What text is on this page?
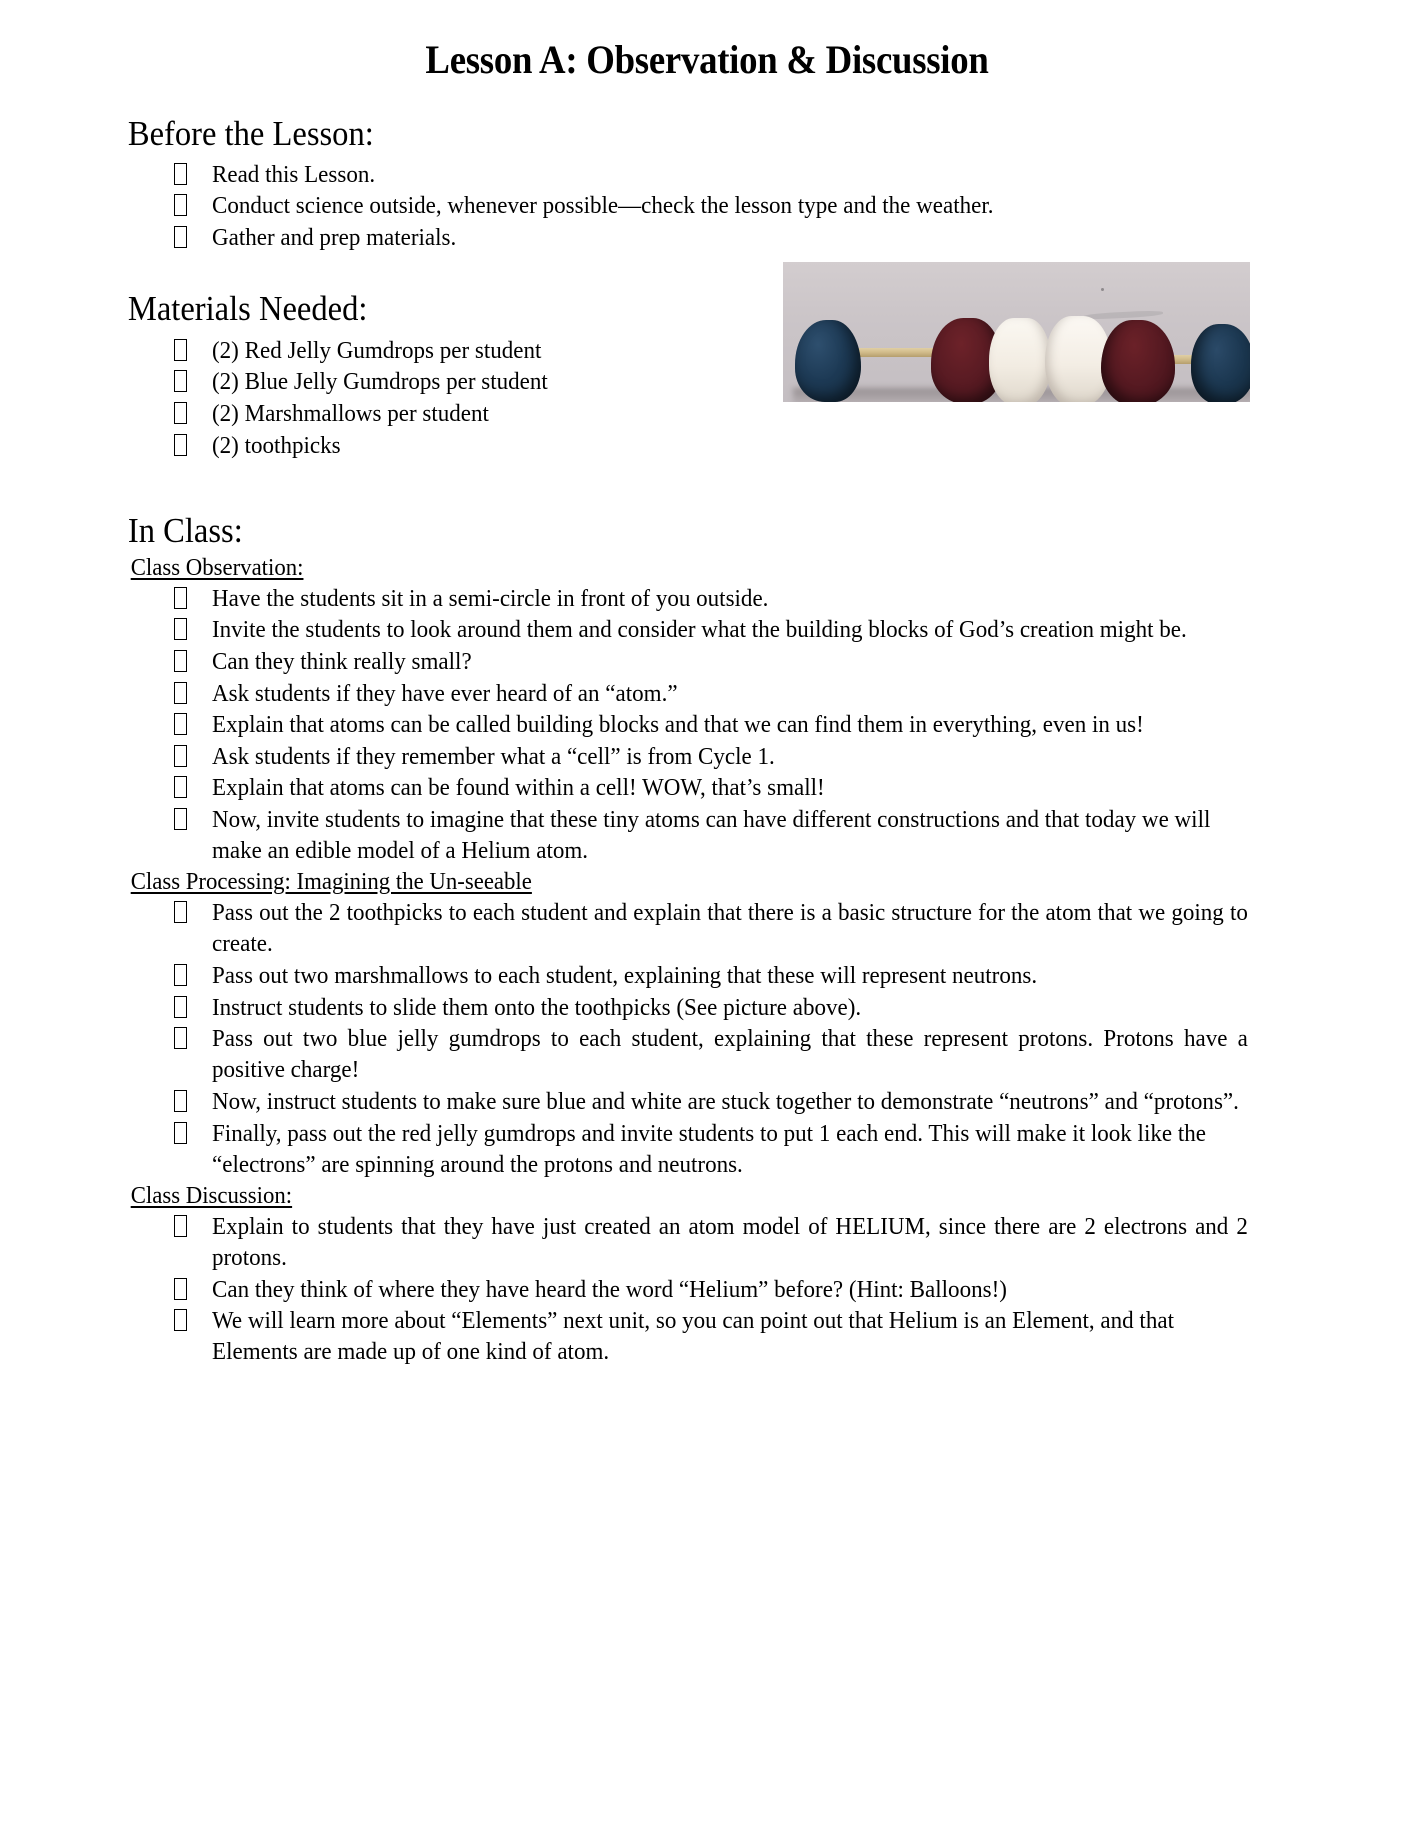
Lesson A: Observation & Discussion
Before the Lesson:
Read this Lesson.
Conduct science outside, whenever possible—check the lesson type and the weather.
Gather and prep materials.
Materials Needed:
(2) Red Jelly Gumdrops per student
(2) Blue Jelly Gumdrops per student
(2) Marshmallows per student
(2) toothpicks
In Class:
Class Observation:
Have the students sit in a semi-circle in front of you outside.
Invite the students to look around them and consider what the building blocks of God’s creation might be.
Can they think really small?
Ask students if they have ever heard of an “atom.”
Explain that atoms can be called building blocks and that we can find them in everything, even in us!
Ask students if they remember what a “cell” is from Cycle 1.
Explain that atoms can be found within a cell! WOW, that’s small!
Now, invite students to imagine that these tiny atoms can have different constructions and that today we will make an edible model of a Helium atom.
Class Processing: Imagining the Un-seeable
Pass out the 2 toothpicks to each student and explain that there is a basic structure for the atom that we going to create.
Pass out two marshmallows to each student, explaining that these will represent neutrons.
Instruct students to slide them onto the toothpicks (See picture above).
Pass out two blue jelly gumdrops to each student, explaining that these represent protons. Protons have a positive charge!
Now, instruct students to make sure blue and white are stuck together to demonstrate “neutrons” and “protons”.
Finally, pass out the red jelly gumdrops and invite students to put 1 each end. This will make it look like the “electrons” are spinning around the protons and neutrons.
Class Discussion:
Explain to students that they have just created an atom model of HELIUM, since there are 2 electrons and 2 protons.
Can they think of where they have heard the word “Helium” before? (Hint: Balloons!)
We will learn more about “Elements” next unit, so you can point out that Helium is an Element, and that Elements are made up of one kind of atom.
